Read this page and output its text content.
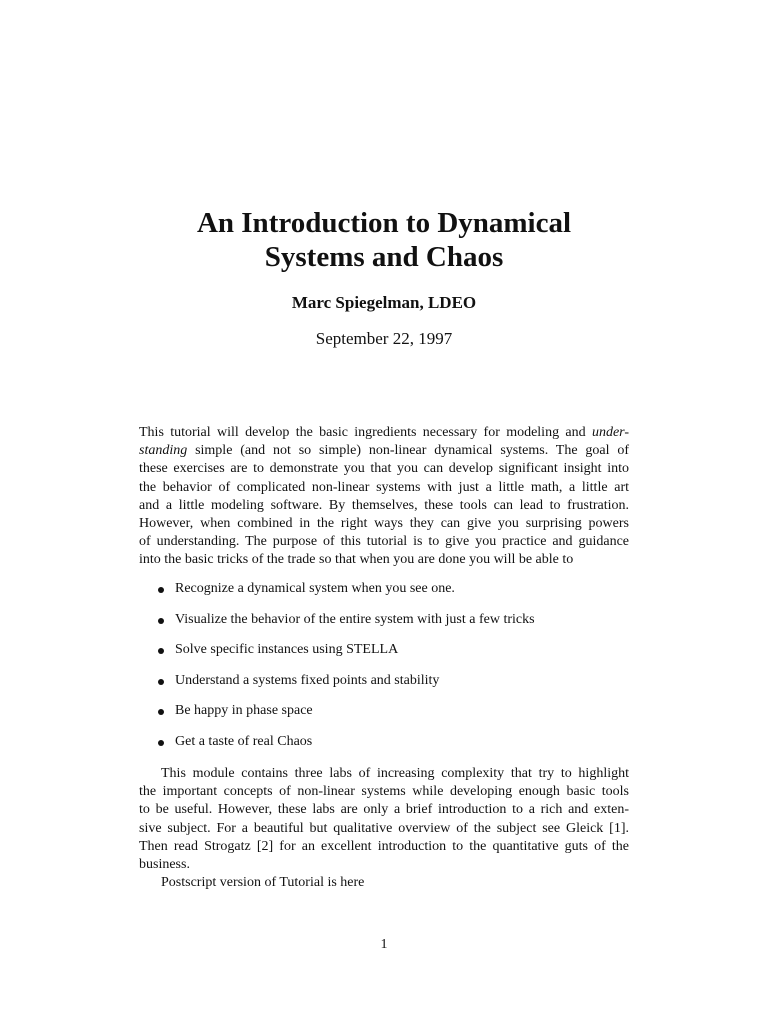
An Introduction to Dynamical
Systems and Chaos

Marc Spiegelman, LDEO

September 22, 1997

This tutorial will develop the basic ingredients necessary for modeling and under-
standing simple (and not so simple) non-linear dynamical systems. The goal of
these exercises are to demonstrate you that you can develop significant insight into
the behavior of complicated non-linear systems with just a little math, a little art
and a little modeling software. By themselves, these tools can lead to frustration.
However, when combined in the right ways they can give you surprising powers
of understanding. The purpose of this tutorial is to give you practice and guidance
into the basic tricks of the trade so that when you are done you will be able to
Recognize a dynamical system when you see one.
Visualize the behavior of the entire system with just a few tricks
Solve specific instances using STELLA
Understand a systems fixed points and stability
Be happy in phase space
Get a taste of real Chaos
This module contains three labs of increasing complexity that try to highlight
the important concepts of non-linear systems while developing enough basic tools
to be useful. However, these labs are only a brief introduction to a rich and exten-
sive subject. For a beautiful but qualitative overview of the subject see Gleick [1].
Then read Strogatz [2] for an excellent introduction to the quantitative guts of the
business.
Postscript version of Tutorial is here
1
